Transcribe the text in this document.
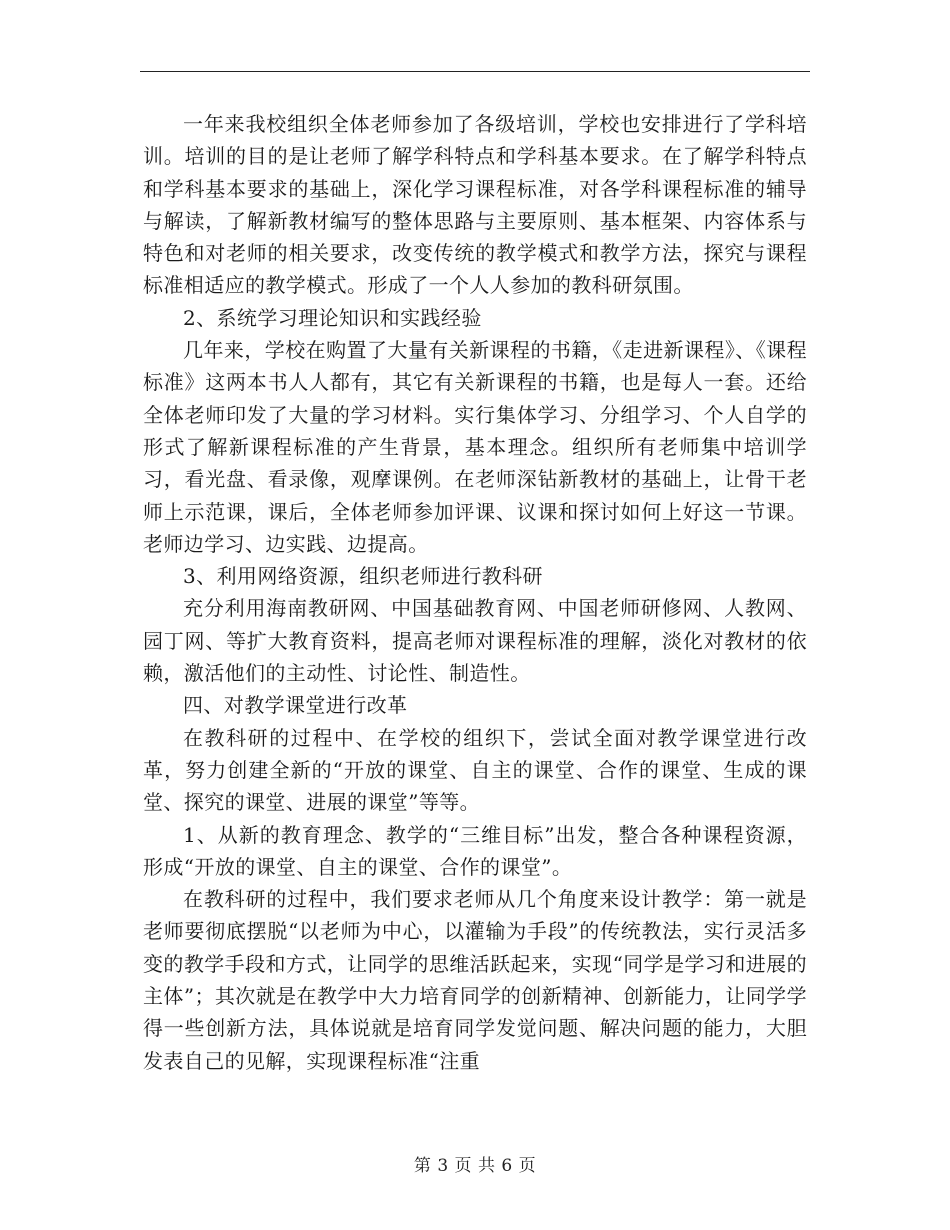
一年来我校组织全体老师参加了各级培训，学校也安排进行了学科培训。培训的目的是让老师了解学科特点和学科基本要求。在了解学科特点和学科基本要求的基础上，深化学习课程标准，对各学科课程标准的辅导与解读，了解新教材编写的整体思路与主要原则、基本框架、内容体系与特色和对老师的相关要求，改变传统的教学模式和教学方法，探究与课程标准相适应的教学模式。形成了一个人人参加的教科研氛围。

2、系统学习理论知识和实践经验

几年来，学校在购置了大量有关新课程的书籍，《走进新课程》、《课程标准》这两本书人人都有，其它有关新课程的书籍，也是每人一套。还给全体老师印发了大量的学习材料。实行集体学习、分组学习、个人自学的形式了解新课程标准的产生背景，基本理念。组织所有老师集中培训学习，看光盘、看录像，观摩课例。在老师深钻新教材的基础上，让骨干老师上示范课，课后，全体老师参加评课、议课和探讨如何上好这一节课。老师边学习、边实践、边提高。

3、利用网络资源，组织老师进行教科研

充分利用海南教研网、中国基础教育网、中国老师研修网、人教网、园丁网、等扩大教育资料，提高老师对课程标准的理解，淡化对教材的依赖，激活他们的主动性、讨论性、制造性。

四、对教学课堂进行改革

在教科研的过程中、在学校的组织下，尝试全面对教学课堂进行改革，努力创建全新的“开放的课堂、自主的课堂、合作的课堂、生成的课堂、探究的课堂、进展的课堂”等等。

1、从新的教育理念、教学的“三维目标”出发，整合各种课程资源，形成“开放的课堂、自主的课堂、合作的课堂”。

在教科研的过程中，我们要求老师从几个角度来设计教学：第一就是老师要彻底摆脱“以老师为中心，以灌输为手段”的传统教法，实行灵活多变的教学手段和方式，让同学的思维活跃起来，实现“同学是学习和进展的主体”；其次就是在教学中大力培育同学的创新精神、创新能力，让同学学得一些创新方法，具体说就是培育同学发觉问题、解决问题的能力，大胆发表自己的见解，实现课程标准“注重

第 3 页 共 6 页
